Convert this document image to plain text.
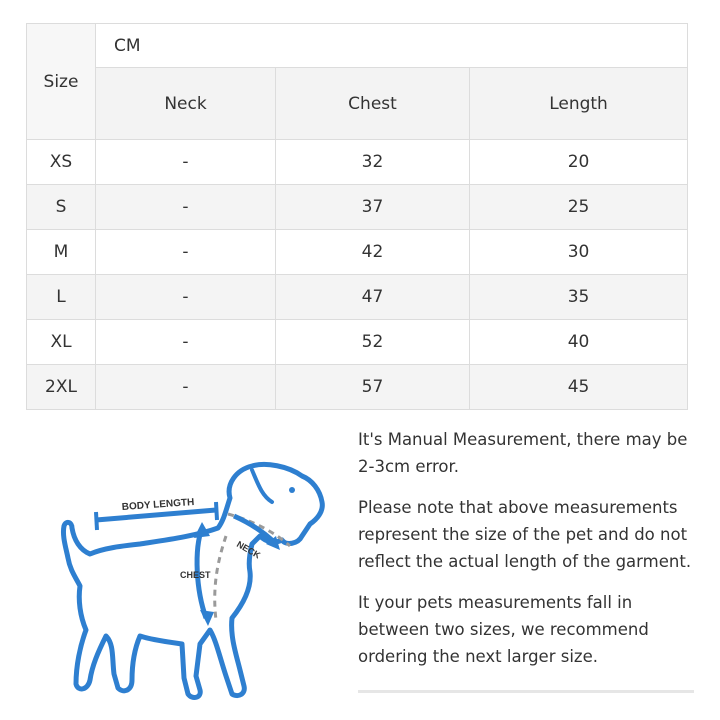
Size	CM		
	Neck	Chest	Length
XS	-	32	20
S	-	37	25
M	-	42	30
L	-	47	35
XL	-	52	40
2XL	-	57	45
BODY LENGTH
NECK
CHEST

It's Manual Measurement, there may be 2-3cm error.

Please note that above measurements represent the size of the pet and do not reflect the actual length of the garment.

It your pets measurements fall in between two sizes, we recommend ordering the next larger size.
